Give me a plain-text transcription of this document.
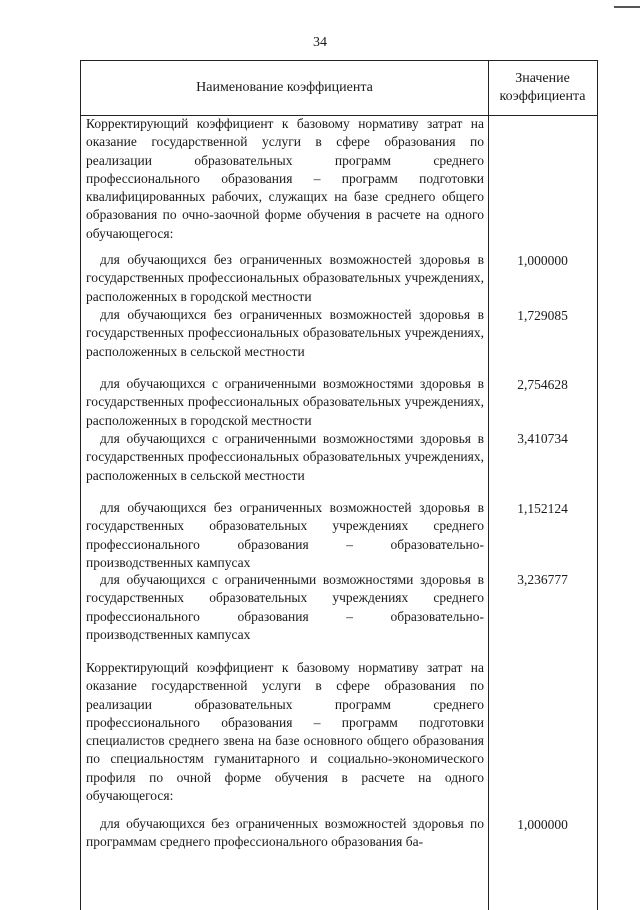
34
Наименование коэффициента
Значение коэффициента
Корректирующий коэффициент к базовому нормативу затрат на оказание государственной услуги в сфере образования по реализации образовательных программ среднего профессионального образования – программ подготовки квалифицированных рабочих, служащих на базе среднего общего образования по очно-заочной форме обучения в расчете на одного обучающегося:
для обучающихся без ограниченных возможностей здоровья в государственных профессиональных образовательных учреждениях, расположенных в городской местности
1,000000
для обучающихся без ограниченных возможностей здоровья в государственных профессиональных образовательных учреждениях, расположенных в сельской местности
1,729085
для обучающихся с ограниченными возможностями здоровья в государственных профессиональных образовательных учреждениях, расположенных в городской местности
2,754628
для обучающихся с ограниченными возможностями здоровья в государственных профессиональных образовательных учреждениях, расположенных в сельской местности
3,410734
для обучающихся без ограниченных возможностей здоровья в государственных образовательных учреждениях среднего профессионального образования – образовательно-производственных кампусах
1,152124
для обучающихся с ограниченными возможностями здоровья в государственных образовательных учреждениях среднего профессионального образования – образовательно-производственных кампусах
3,236777
Корректирующий коэффициент к базовому нормативу затрат на оказание государственной услуги в сфере образования по реализации образовательных программ среднего профессионального образования – программ подготовки специалистов среднего звена на базе основного общего образования по специальностям гуманитарного и социально-экономического профиля по очной форме обучения в расчете на одного обучающегося:
для обучающихся без ограниченных возможностей здоровья по программам среднего профессионального образования ба-
1,000000
